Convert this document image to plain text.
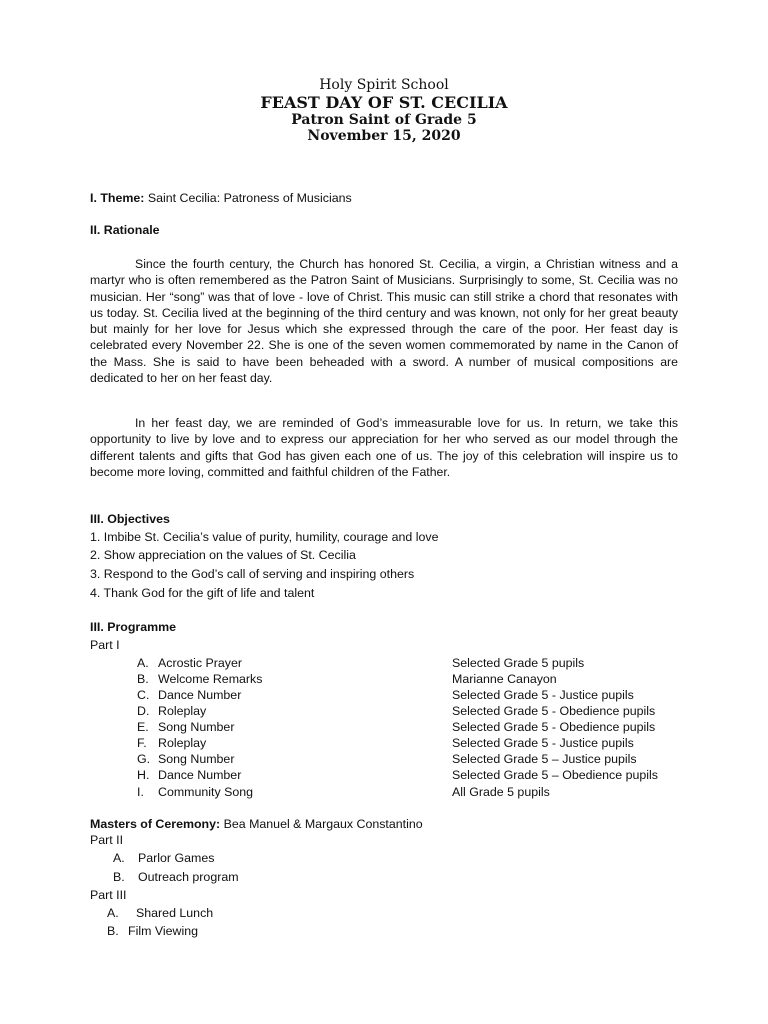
Holy Spirit School
FEAST DAY OF ST. CECILIA
Patron Saint of Grade 5
November 15, 2020
I. Theme: Saint Cecilia: Patroness of Musicians
II. Rationale

Since the fourth century, the Church has honored St. Cecilia, a virgin, a Christian witness and a martyr who is often remembered as the Patron Saint of Musicians. Surprisingly to some, St. Cecilia was no musician. Her “song” was that of love - love of Christ. This music can still strike a chord that resonates with us today. St. Cecilia lived at the beginning of the third century and was known, not only for her great beauty but mainly for her love for Jesus which she expressed through the care of the poor. Her feast day is celebrated every November 22. She is one of the seven women commemorated by name in the Canon of the Mass. She is said to have been beheaded with a sword. A number of musical compositions are dedicated to her on her feast day.

In her feast day, we are reminded of God’s immeasurable love for us. In return, we take this opportunity to live by love and to express our appreciation for her who served as our model through the different talents and gifts that God has given each one of us. The joy of this celebration will inspire us to become more loving, committed and faithful children of the Father.

III. Objectives
1. Imbibe St. Cecilia’s value of purity, humility, courage and love
2. Show appreciation on the values of St. Cecilia
3. Respond to the God’s call of serving and inspiring others
4. Thank God for the gift of life and talent
III. Programme
Part I
A. Acrostic Prayer	Selected Grade 5 pupils
B. Welcome Remarks	Marianne Canayon
C. Dance Number	Selected Grade 5 - Justice pupils
D. Roleplay	Selected Grade 5 - Obedience pupils
E. Song Number	Selected Grade 5 - Obedience pupils
F. Roleplay	Selected Grade 5 - Justice pupils
G. Song Number	Selected Grade 5 – Justice pupils
H. Dance Number	Selected Grade 5 – Obedience pupils
I. Community Song	All Grade 5 pupils
Masters of Ceremony: Bea Manuel & Margaux Constantino
Part II
A. Parlor Games
B. Outreach program
Part III
A. Shared Lunch
B. Film Viewing
